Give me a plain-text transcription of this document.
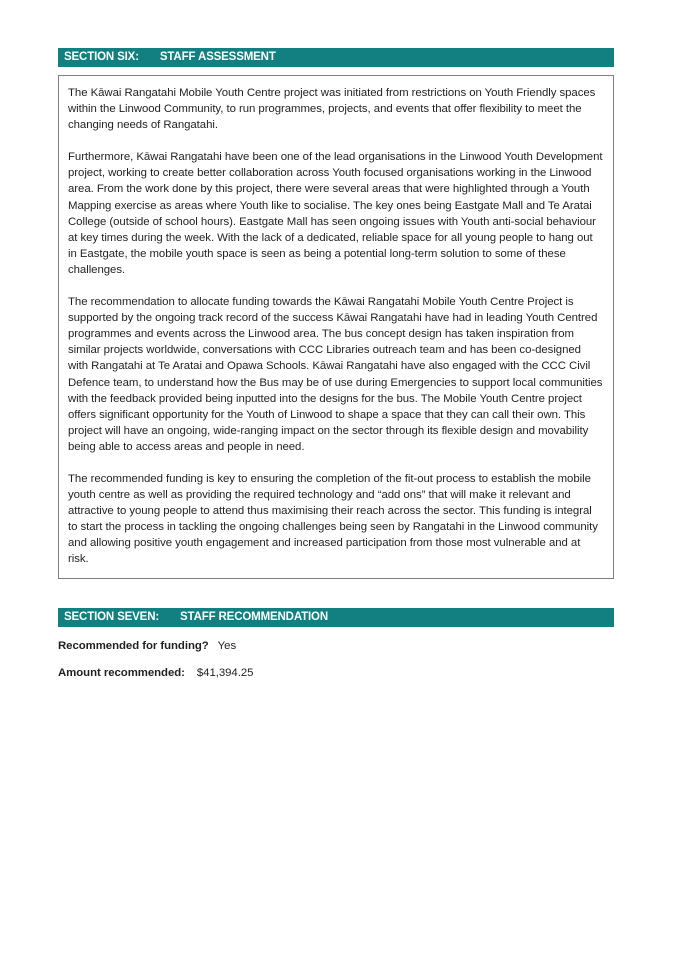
SECTION SIX: STAFF ASSESSMENT

The Kāwai Rangatahi Mobile Youth Centre project was initiated from restrictions on Youth Friendly spaces within the Linwood Community, to run programmes, projects, and events that offer flexibility to meet the changing needs of Rangatahi.

Furthermore, Kāwai Rangatahi have been one of the lead organisations in the Linwood Youth Development project, working to create better collaboration across Youth focused organisations working in the Linwood area. From the work done by this project, there were several areas that were highlighted through a Youth Mapping exercise as areas where Youth like to socialise. The key ones being Eastgate Mall and Te Aratai College (outside of school hours). Eastgate Mall has seen ongoing issues with Youth anti-social behaviour at key times during the week. With the lack of a dedicated, reliable space for all young people to hang out in Eastgate, the mobile youth space is seen as being a potential long-term solution to some of these challenges.

The recommendation to allocate funding towards the Kāwai Rangatahi Mobile Youth Centre Project is supported by the ongoing track record of the success Kāwai Rangatahi have had in leading Youth Centred programmes and events across the Linwood area. The bus concept design has taken inspiration from similar projects worldwide, conversations with CCC Libraries outreach team and has been co-designed with Rangatahi at Te Aratai and Opawa Schools. Kāwai Rangatahi have also engaged with the CCC Civil Defence team, to understand how the Bus may be of use during Emergencies to support local communities with the feedback provided being inputted into the designs for the bus. The Mobile Youth Centre project offers significant opportunity for the Youth of Linwood to shape a space that they can call their own. This project will have an ongoing, wide-ranging impact on the sector through its flexible design and movability being able to access areas and people in need.

The recommended funding is key to ensuring the completion of the fit-out process to establish the mobile youth centre as well as providing the required technology and “add ons” that will make it relevant and attractive to young people to attend thus maximising their reach across the sector. This funding is integral to start the process in tackling the ongoing challenges being seen by Rangatahi in the Linwood community and allowing positive youth engagement and increased participation from those most vulnerable and at risk.

SECTION SEVEN: STAFF RECOMMENDATION
Recommended for funding? Yes
Amount recommended: $41,394.25
